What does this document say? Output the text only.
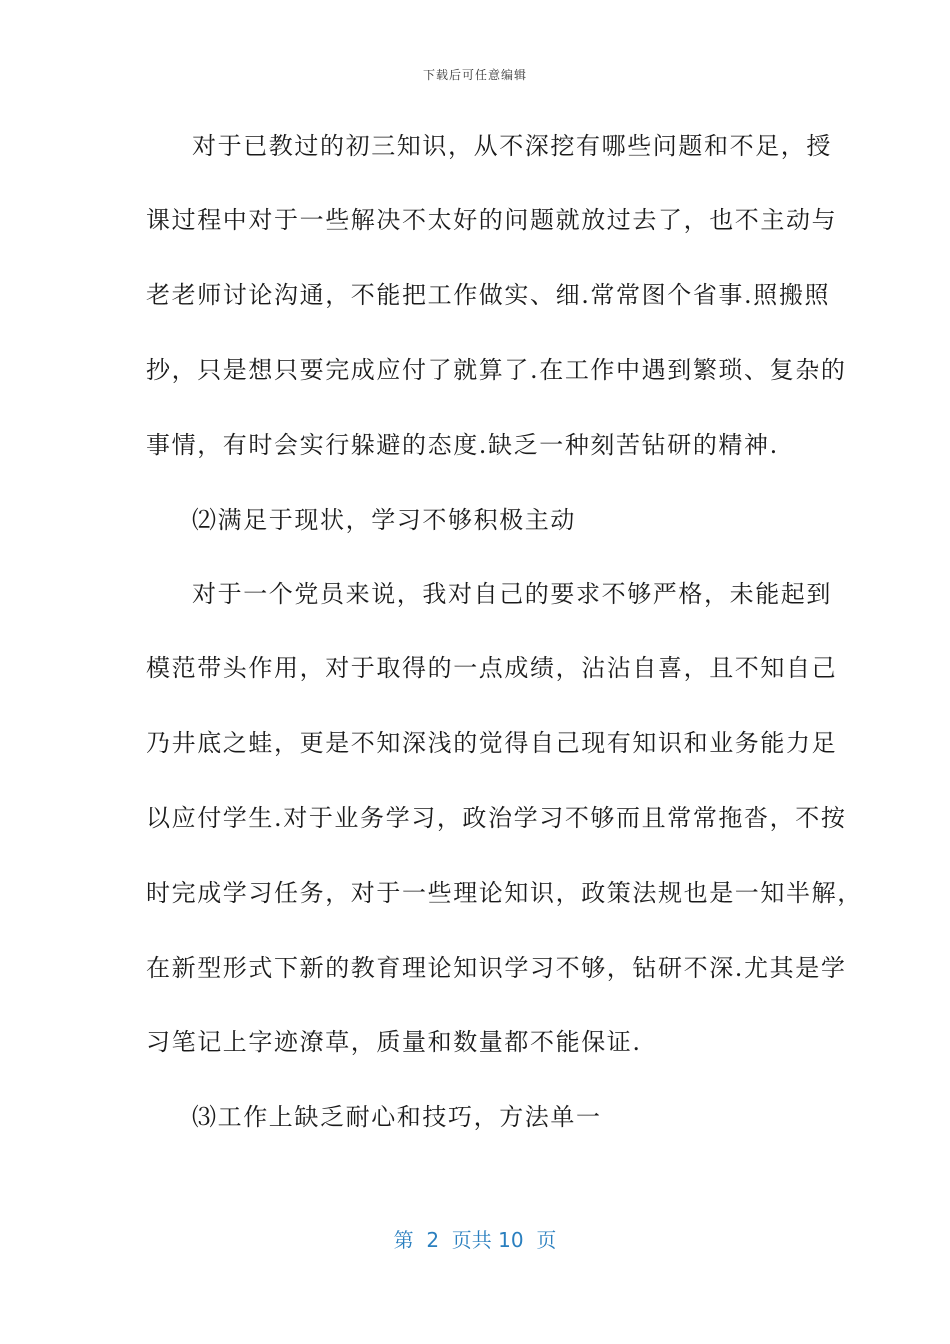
下载后可任意编辑
对于已教过的初三知识，从不深挖有哪些问题和不足，授
课过程中对于一些解决不太好的问题就放过去了，也不主动与
老老师讨论沟通，不能把工作做实、细.常常图个省事.照搬照
抄，只是想只要完成应付了就算了.在工作中遇到繁琐、复杂的
事情，有时会实行躲避的态度.缺乏一种刻苦钻研的精神.
⑵满足于现状，学习不够积极主动
对于一个党员来说，我对自己的要求不够严格，未能起到
模范带头作用，对于取得的一点成绩，沾沾自喜，且不知自己
乃井底之蛙，更是不知深浅的觉得自己现有知识和业务能力足
以应付学生.对于业务学习，政治学习不够而且常常拖沓，不按
时完成学习任务，对于一些理论知识，政策法规也是一知半解，
在新型形式下新的教育理论知识学习不够，钻研不深.尤其是学
习笔记上字迹潦草，质量和数量都不能保证.
⑶工作上缺乏耐心和技巧，方法单一
第  2  页共 10  页
